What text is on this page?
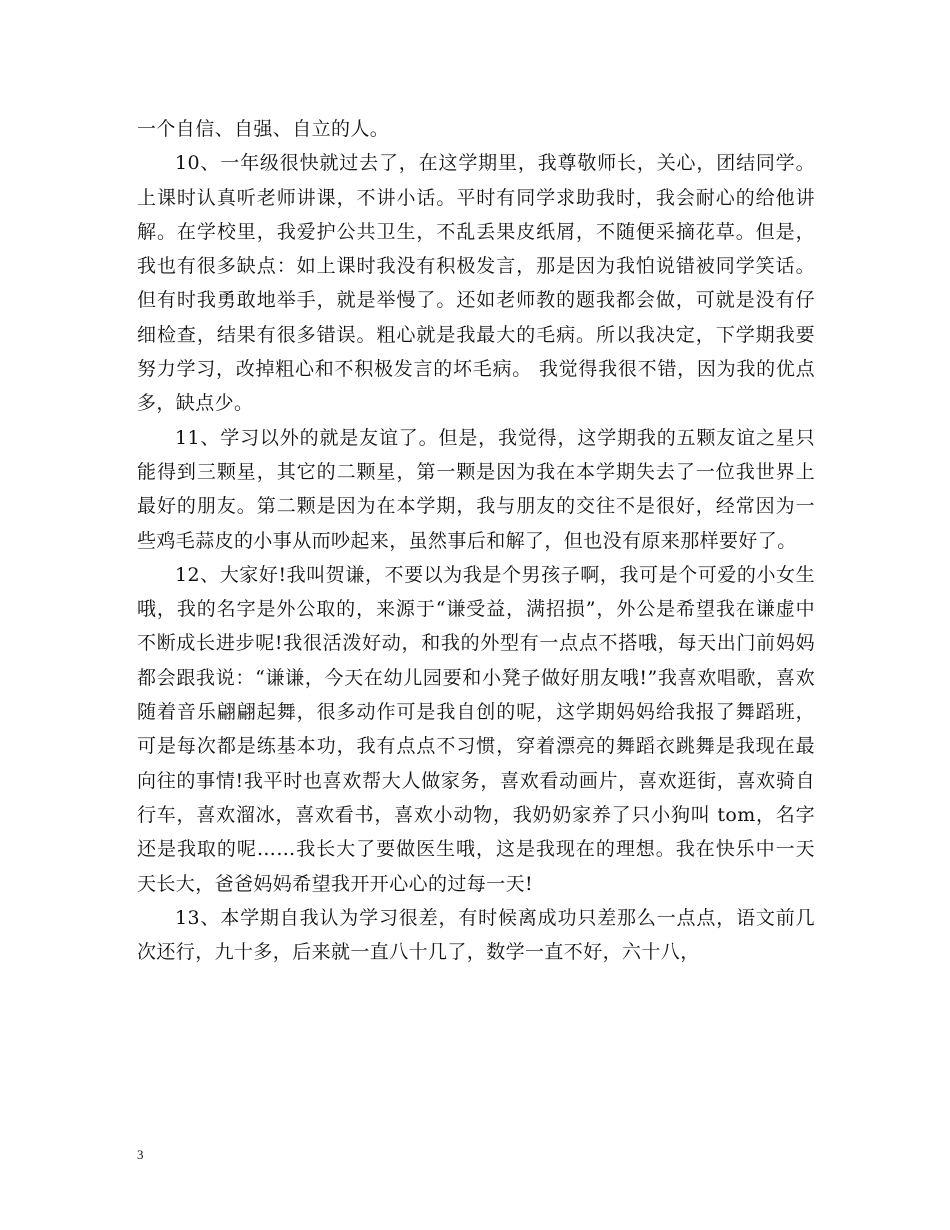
一个自信、自强、自立的人。

10、一年级很快就过去了，在这学期里，我尊敬师长，关心，团结同学。上课时认真听老师讲课，不讲小话。平时有同学求助我时，我会耐心的给他讲解。在学校里，我爱护公共卫生，不乱丢果皮纸屑，不随便采摘花草。但是，我也有很多缺点：如上课时我没有积极发言，那是因为我怕说错被同学笑话。但有时我勇敢地举手，就是举慢了。还如老师教的题我都会做，可就是没有仔细检查，结果有很多错误。粗心就是我最大的毛病。所以我决定，下学期我要努力学习，改掉粗心和不积极发言的坏毛病。 我觉得我很不错，因为我的优点多，缺点少。

11、学习以外的就是友谊了。但是，我觉得，这学期我的五颗友谊之星只能得到三颗星，其它的二颗星，第一颗是因为我在本学期失去了一位我世界上最好的朋友。第二颗是因为在本学期，我与朋友的交往不是很好，经常因为一些鸡毛蒜皮的小事从而吵起来，虽然事后和解了，但也没有原来那样要好了。

12、大家好!我叫贺谦，不要以为我是个男孩子啊，我可是个可爱的小女生哦，我的名字是外公取的，来源于“谦受益，满招损”，外公是希望我在谦虚中不断成长进步呢!我很活泼好动，和我的外型有一点点不搭哦，每天出门前妈妈都会跟我说：“谦谦，今天在幼儿园要和小凳子做好朋友哦!”我喜欢唱歌，喜欢随着音乐翩翩起舞，很多动作可是我自创的呢，这学期妈妈给我报了舞蹈班，可是每次都是练基本功，我有点点不习惯，穿着漂亮的舞蹈衣跳舞是我现在最向往的事情!我平时也喜欢帮大人做家务，喜欢看动画片，喜欢逛街，喜欢骑自行车，喜欢溜冰，喜欢看书，喜欢小动物，我奶奶家养了只小狗叫 tom，名字还是我取的呢……我长大了要做医生哦，这是我现在的理想。我在快乐中一天天长大，爸爸妈妈希望我开开心心的过每一天!

13、本学期自我认为学习很差，有时候离成功只差那么一点点，语文前几次还行，九十多，后来就一直八十几了，数学一直不好，六十八，

3
